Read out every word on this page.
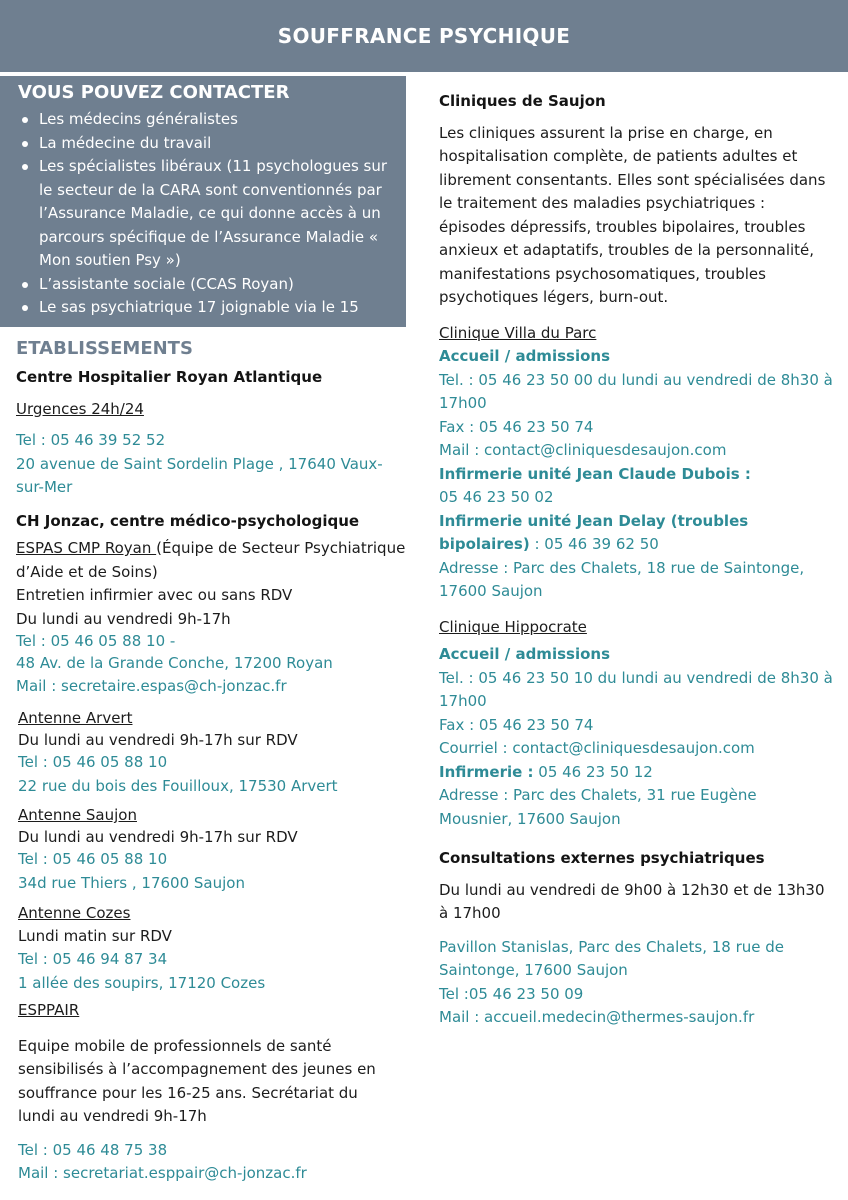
SOUFFRANCE PSYCHIQUE
VOUS POUVEZ CONTACTER
Les médecins généralistes
La médecine du travail
Les spécialistes libéraux (11 psychologues sur le secteur de la CARA sont conventionnés par l’Assurance Maladie, ce qui donne accès à un parcours spécifique de l’Assurance Maladie « Mon soutien Psy »)
L’assistante sociale (CCAS Royan)
Le sas psychiatrique 17 joignable via le 15
ETABLISSEMENTS
Centre Hospitalier Royan Atlantique
Urgences 24h/24
Tel : 05 46 39 52 52
20 avenue de Saint Sordelin Plage , 17640 Vaux-sur-Mer
CH Jonzac, centre médico-psychologique
ESPAS CMP Royan (Équipe de Secteur Psychiatrique d’Aide et de Soins)
Entretien infirmier avec ou sans RDV
Du lundi au vendredi 9h-17h
Tel : 05 46 05 88 10 -
48 Av. de la Grande Conche, 17200 Royan
Mail : secretaire.espas@ch-jonzac.fr
Antenne Arvert
Du lundi au vendredi 9h-17h sur RDV
Tel : 05 46 05 88 10
22 rue du bois des Fouilloux, 17530 Arvert
Antenne Saujon
Du lundi au vendredi 9h-17h sur RDV
Tel : 05 46 05 88 10
34d rue Thiers , 17600 Saujon
Antenne Cozes
Lundi matin sur RDV
Tel : 05 46 94 87 34
1 allée des soupirs, 17120 Cozes
ESPPAIR
Equipe mobile de professionnels de santé sensibilisés à l’accompagnement des jeunes en souffrance pour les 16-25 ans. Secrétariat du lundi au vendredi 9h-17h
Tel : 05 46 48 75 38
Mail : secretariat.esppair@ch-jonzac.fr
Cliniques de Saujon
Les cliniques assurent la prise en charge, en hospitalisation complète, de patients adultes et librement consentants. Elles sont spécialisées dans le traitement des maladies psychiatriques : épisodes dépressifs, troubles bipolaires, troubles anxieux et adaptatifs, troubles de la personnalité, manifestations psychosomatiques, troubles psychotiques légers, burn-out.
Clinique Villa du Parc
Accueil / admissions
Tel. : 05 46 23 50 00 du lundi au vendredi de 8h30 à 17h00
Fax : 05 46 23 50 74
Mail : contact@cliniquesdesaujon.com
Infirmerie unité Jean Claude Dubois :
05 46 23 50 02
Infirmerie unité Jean Delay (troubles bipolaires) : 05 46 39 62 50
Adresse : Parc des Chalets, 18 rue de Saintonge, 17600 Saujon
Clinique Hippocrate
Accueil / admissions
Tel. : 05 46 23 50 10 du lundi au vendredi de 8h30 à 17h00
Fax : 05 46 23 50 74
Courriel : contact@cliniquesdesaujon.com
Infirmerie : 05 46 23 50 12
Adresse : Parc des Chalets, 31 rue Eugène Mousnier, 17600 Saujon
Consultations externes psychiatriques
Du lundi au vendredi de 9h00 à 12h30 et de 13h30 à 17h00
Pavillon Stanislas, Parc des Chalets, 18 rue de Saintonge, 17600 Saujon
Tel :05 46 23 50 09
Mail : accueil.medecin@thermes-saujon.fr
